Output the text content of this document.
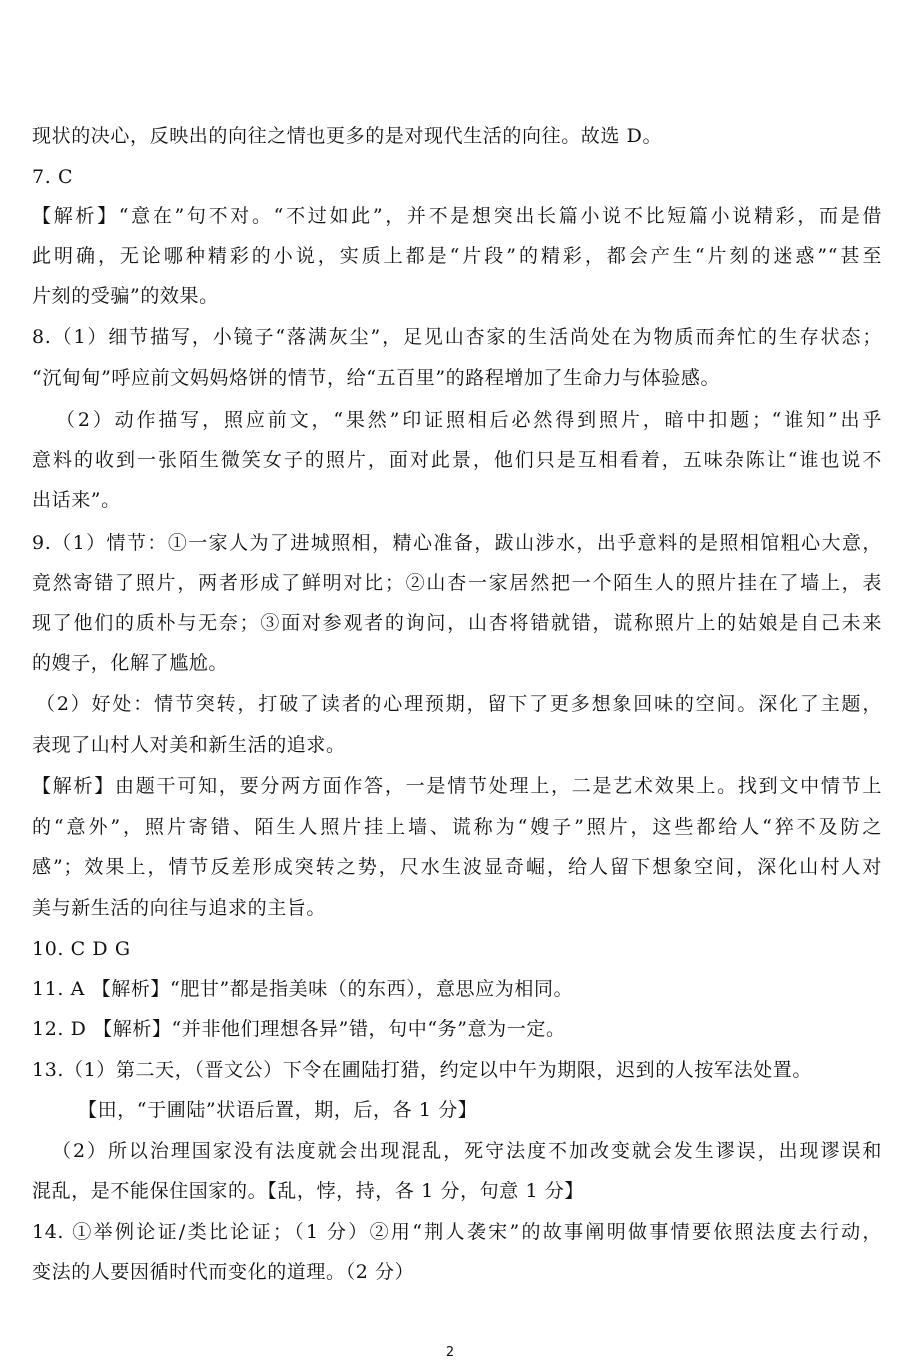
现状的决心，反映出的向往之情也更多的是对现代生活的向往。故选 D。
7. C
【解析】“意在”句不对。“不过如此”，并不是想突出长篇小说不比短篇小说精彩，而是借
此明确，无论哪种精彩的小说，实质上都是“片段”的精彩，都会产生“片刻的迷惑”“甚至
片刻的受骗”的效果。
8.（1）细节描写，小镜子“落满灰尘”，足见山杏家的生活尚处在为物质而奔忙的生存状态；
“沉甸甸”呼应前文妈妈烙饼的情节，给“五百里”的路程增加了生命力与体验感。
（2）动作描写，照应前文，“果然”印证照相后必然得到照片，暗中扣题；“谁知”出乎
意料的收到一张陌生微笑女子的照片，面对此景，他们只是互相看着，五味杂陈让“谁也说不
出话来”。
9.（1）情节：①一家人为了进城照相，精心准备，跋山涉水，出乎意料的是照相馆粗心大意，
竟然寄错了照片，两者形成了鲜明对比；②山杏一家居然把一个陌生人的照片挂在了墙上，表
现了他们的质朴与无奈；③面对参观者的询问，山杏将错就错，谎称照片上的姑娘是自己未来
的嫂子，化解了尴尬。
（2）好处：情节突转，打破了读者的心理预期，留下了更多想象回味的空间。深化了主题，
表现了山村人对美和新生活的追求。
【解析】由题干可知，要分两方面作答，一是情节处理上，二是艺术效果上。找到文中情节上
的“意外”，照片寄错、陌生人照片挂上墙、谎称为“嫂子”照片，这些都给人“猝不及防之
感”；效果上，情节反差形成突转之势，尺水生波显奇崛，给人留下想象空间，深化山村人对
美与新生活的向往与追求的主旨。
10. C D G
11. A 【解析】“肥甘”都是指美味（的东西），意思应为相同。
12. D 【解析】“并非他们理想各异”错，句中“务”意为一定。
13.（1）第二天，（晋文公）下令在圃陆打猎，约定以中午为期限，迟到的人按军法处置。
【田，“于圃陆”状语后置，期，后，各 1 分】
（2）所以治理国家没有法度就会出现混乱，死守法度不加改变就会发生谬误，出现谬误和
混乱，是不能保住国家的。【乱，悖，持，各 1 分，句意 1 分】
14. ①举例论证/类比论证；（1 分）②用“荆人袭宋”的故事阐明做事情要依照法度去行动，
变法的人要因循时代而变化的道理。（2 分）
2
